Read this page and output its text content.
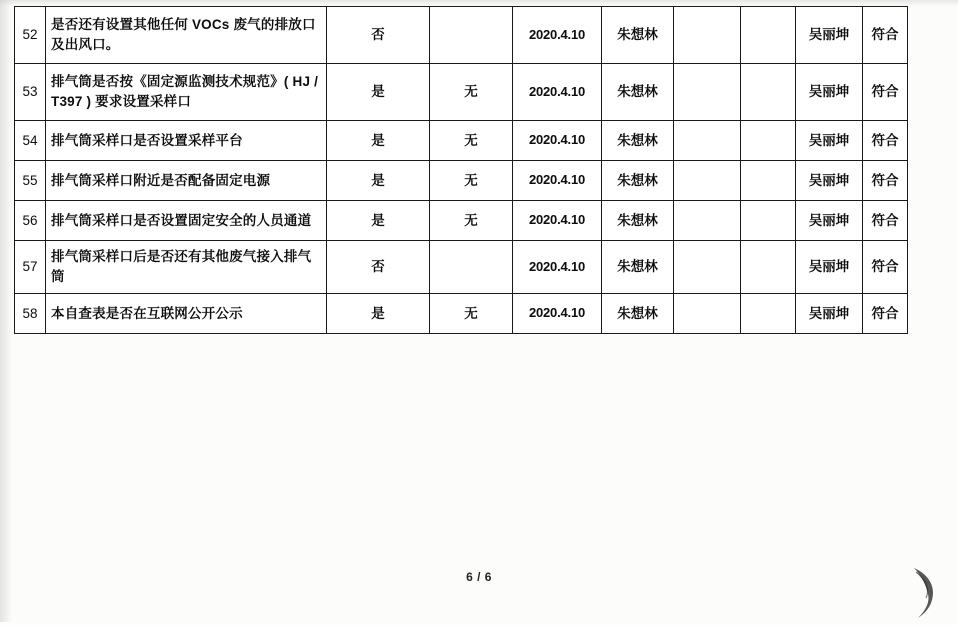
52	是否还有设置其他任何 VOCs 废气的排放口及出风口。	否		2020.4.10	朱想林			吴丽坤	符合
53	排气筒是否按《固定源监测技术规范》( HJ / T397 ) 要求设置采样口	是	无	2020.4.10	朱想林			吴丽坤	符合
54	排气筒采样口是否设置采样平台	是	无	2020.4.10	朱想林			吴丽坤	符合
55	排气筒采样口附近是否配备固定电源	是	无	2020.4.10	朱想林			吴丽坤	符合
56	排气筒采样口是否设置固定安全的人员通道	是	无	2020.4.10	朱想林			吴丽坤	符合
57	排气筒采样口后是否还有其他废气接入排气筒	否		2020.4.10	朱想林			吴丽坤	符合
58	本自查表是否在互联网公开公示	是	无	2020.4.10	朱想林			吴丽坤	符合
6 / 6
